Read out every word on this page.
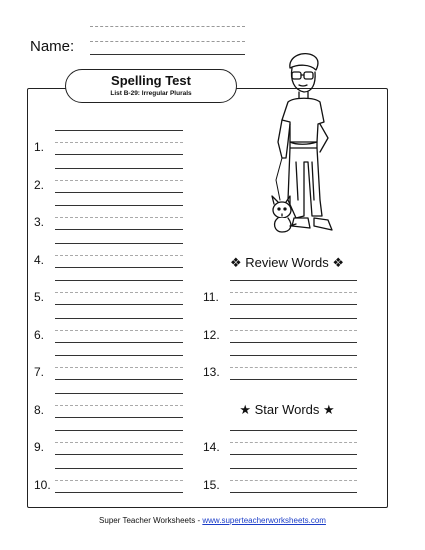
Name:
Spelling Test
List B-29: Irregular Plurals
1.
2.
3.
4.
5.
6.
7.
8.
9.
10.
❖ Review Words ❖
★ Star Words ★
11.
12.
13.
14.
15.
Super Teacher Worksheets - www.superteacherworksheets.com
